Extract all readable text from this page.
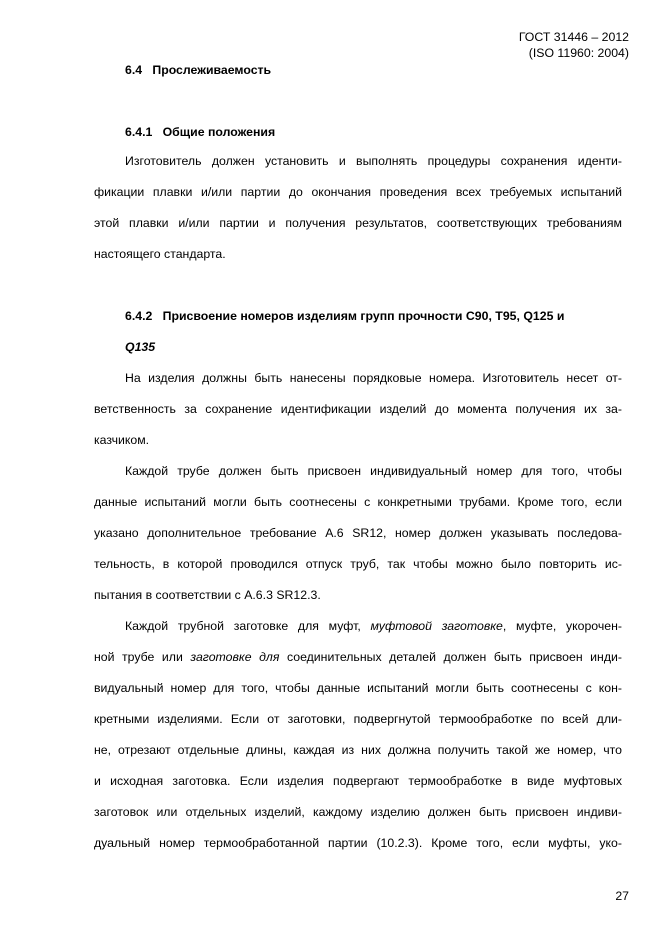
ГОСТ 31446 – 2012
(ISO 11960: 2004)
6.4 Прослеживаемость
6.4.1 Общие положения
Изготовитель должен установить и выполнять процедуры сохранения иденти-
фикации плавки и/или партии до окончания проведения всех требуемых испытаний
этой плавки и/или партии и получения результатов, соответствующих требованиям
настоящего стандарта.
6.4.2 Присвоение номеров изделиям групп прочности С90, Т95, Q125 и
Q135
На изделия должны быть нанесены порядковые номера. Изготовитель несет от-
ветственность за сохранение идентификации изделий до момента получения их за-
казчиком.
Каждой трубе должен быть присвоен индивидуальный номер для того, чтобы
данные испытаний могли быть соотнесены с конкретными трубами. Кроме того, если
указано дополнительное требование А.6 SR12, номер должен указывать последова-
тельность, в которой проводился отпуск труб, так чтобы можно было повторить ис-
пытания в соответствии с А.6.3 SR12.3.
Каждой трубной заготовке для муфт, муфтовой заготовке, муфте, укорочен-
ной трубе или заготовке для соединительных деталей должен быть присвоен инди-
видуальный номер для того, чтобы данные испытаний могли быть соотнесены с кон-
кретными изделиями. Если от заготовки, подвергнутой термообработке по всей дли-
не, отрезают отдельные длины, каждая из них должна получить такой же номер, что
и исходная заготовка. Если изделия подвергают термообработке в виде муфтовых
заготовок или отдельных изделий, каждому изделию должен быть присвоен индиви-
дуальный номер термообработанной партии (10.2.3). Кроме того, если муфты, уко-
27
